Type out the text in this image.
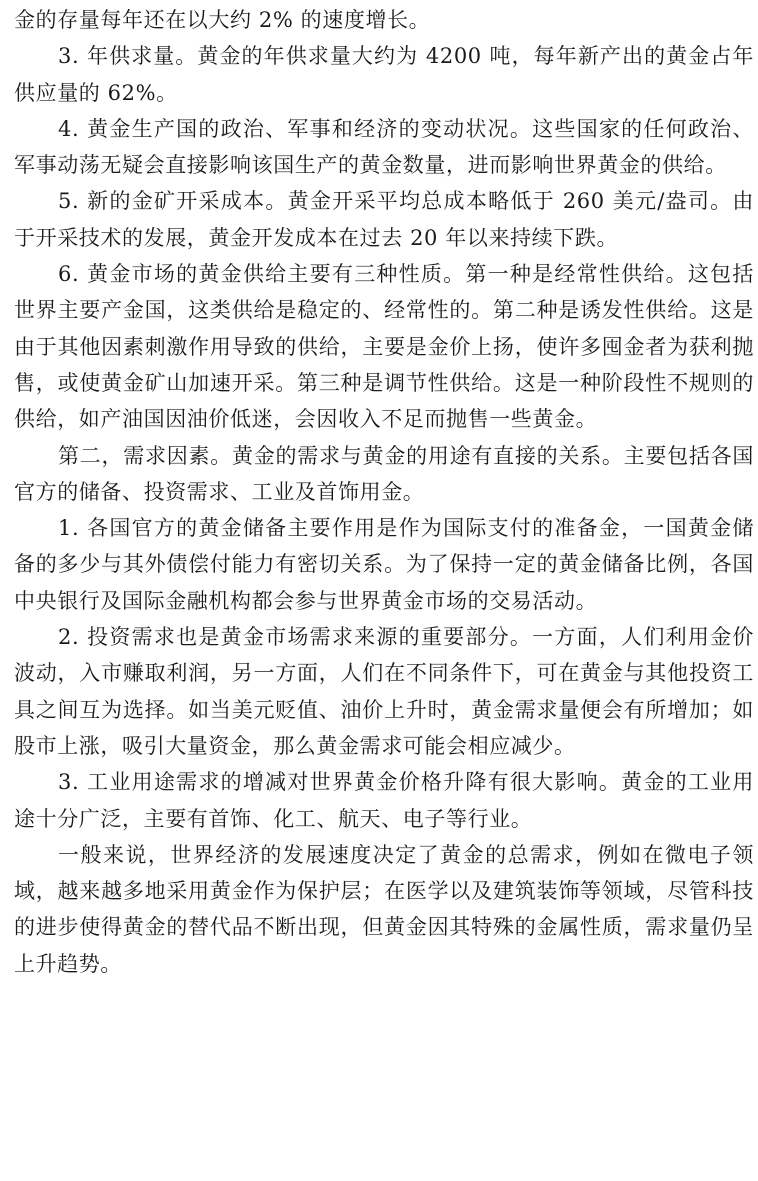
金的存量每年还在以大约 2% 的速度增长。

3. 年供求量。黄金的年供求量大约为 4200 吨，每年新产出的黄金占年供应量的 62%。

4. 黄金生产国的政治、军事和经济的变动状况。这些国家的任何政治、军事动荡无疑会直接影响该国生产的黄金数量，进而影响世界黄金的供给。

5. 新的金矿开采成本。黄金开采平均总成本略低于 260 美元/盎司。由于开采技术的发展，黄金开发成本在过去 20 年以来持续下跌。

6. 黄金市场的黄金供给主要有三种性质。第一种是经常性供给。这包括世界主要产金国，这类供给是稳定的、经常性的。第二种是诱发性供给。这是由于其他因素刺激作用导致的供给，主要是金价上扬，使许多囤金者为获利抛售，或使黄金矿山加速开采。第三种是调节性供给。这是一种阶段性不规则的供给，如产油国因油价低迷，会因收入不足而抛售一些黄金。

第二，需求因素。黄金的需求与黄金的用途有直接的关系。主要包括各国官方的储备、投资需求、工业及首饰用金。

1. 各国官方的黄金储备主要作用是作为国际支付的准备金，一国黄金储备的多少与其外债偿付能力有密切关系。为了保持一定的黄金储备比例，各国中央银行及国际金融机构都会参与世界黄金市场的交易活动。

2. 投资需求也是黄金市场需求来源的重要部分。一方面，人们利用金价波动，入市赚取利润，另一方面，人们在不同条件下，可在黄金与其他投资工具之间互为选择。如当美元贬值、油价上升时，黄金需求量便会有所增加；如股市上涨，吸引大量资金，那么黄金需求可能会相应减少。

3. 工业用途需求的增减对世界黄金价格升降有很大影响。黄金的工业用途十分广泛，主要有首饰、化工、航天、电子等行业。

一般来说，世界经济的发展速度决定了黄金的总需求，例如在微电子领域，越来越多地采用黄金作为保护层；在医学以及建筑装饰等领域，尽管科技的进步使得黄金的替代品不断出现，但黄金因其特殊的金属性质，需求量仍呈上升趋势。
